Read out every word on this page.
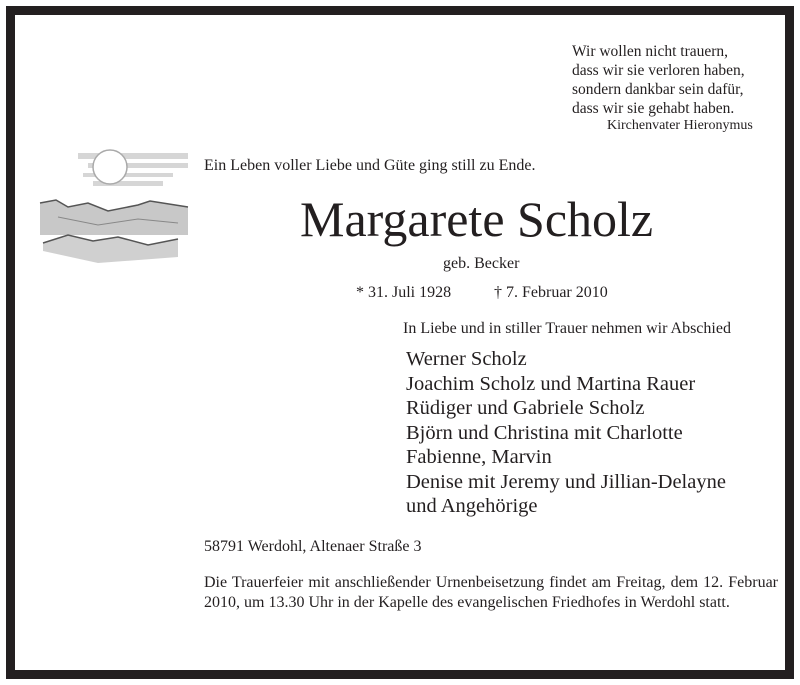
Wir wollen nicht trauern,
dass wir sie verloren haben,
sondern dankbar sein dafür,
dass wir sie gehabt haben.
Kirchenvater Hieronymus
Ein Leben voller Liebe und Güte ging still zu Ende.
Margarete Scholz
geb. Becker
* 31. Juli 1928	† 7. Februar 2010
In Liebe und in stiller Trauer nehmen wir Abschied
Werner Scholz
Joachim Scholz und Martina Rauer
Rüdiger und Gabriele Scholz
Björn und Christina mit Charlotte
Fabienne, Marvin
Denise mit Jeremy und Jillian-Delayne
und Angehörige
58791 Werdohl, Altenaer Straße 3
Die Trauerfeier mit anschließender Urnenbeisetzung findet am Freitag, dem 12. Februar 2010, um 13.30 Uhr in der Kapelle des evangelischen Friedhofes in Werdohl statt.
